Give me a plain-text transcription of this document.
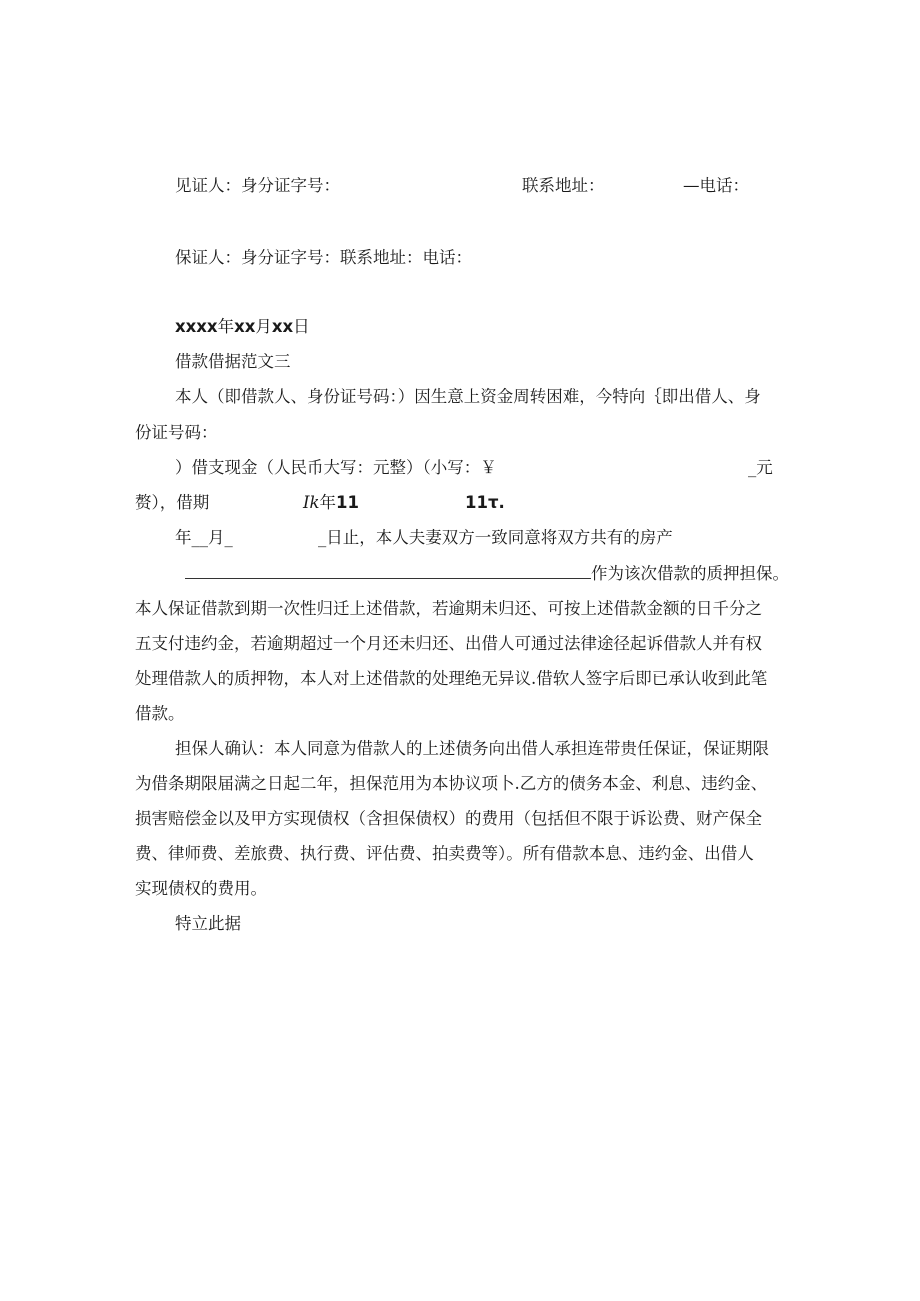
见证人：身分证字号：	联系地址：	—电话：
保证人：身分证字号：联系地址：电话：
xxxx年xx月xx日
借款借据范文三
本人（即借款人、身份证号码：）因生意上资金周转困难，今特向｛即出借人、身
份证号码：
）借支现金（人民币大写：元整）（小写：￥	_元
赘），借期	Ik年11	11τ.
年__月_	_日止，本人夫妻双方一致同意将双方共有的房产
作为该次借款的质押担保。
本人保证借款到期一次性归迁上述借款，若逾期未归还、可按上述借款金额的日千分之
五支付违约金，若逾期超过一个月还未归还、出借人可通过法律途径起诉借款人并有权
处理借款人的质押物，本人对上述借款的处理绝无异议.借软人签字后即已承认收到此笔
借款。
担保人确认：本人同意为借款人的上述债务向出借人承担连带贵任保证，保证期限
为借条期限届满之日起二年，担保范用为本协议项卜.乙方的债务本金、利息、违约金、
损害赔偿金以及甲方实现债权（含担保债权）的费用（包括但不限于诉讼费、财产保全
费、律师费、差旅费、执行费、评估费、拍卖费等）。所有借款本息、违约金、出借人
实现债权的费用。
特立此据
